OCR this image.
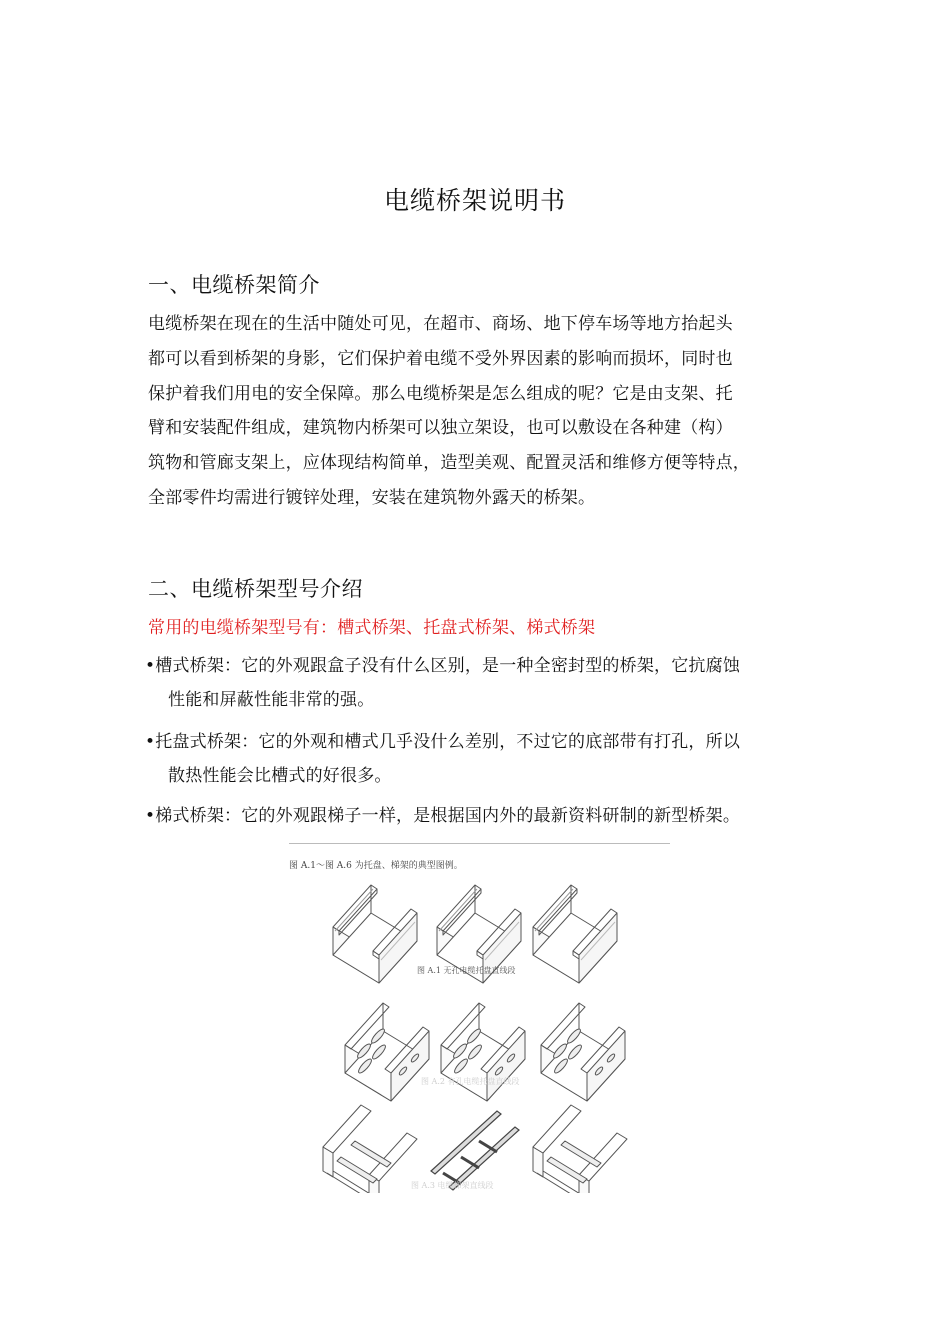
电缆桥架说明书
一、电缆桥架简介
电缆桥架在现在的生活中随处可见，在超市、商场、地下停车场等地方抬起头
都可以看到桥架的身影，它们保护着电缆不受外界因素的影响而损坏，同时也
保护着我们用电的安全保障。那么电缆桥架是怎么组成的呢？它是由支架、托
臂和安装配件组成，建筑物内桥架可以独立架设，也可以敷设在各种建（构）
筑物和管廊支架上，应体现结构简单，造型美观、配置灵活和维修方便等特点，
全部零件均需进行镀锌处理，安装在建筑物外露天的桥架。
二、电缆桥架型号介绍
常用的电缆桥架型号有：槽式桥架、托盘式桥架、梯式桥架
•槽式桥架：它的外观跟盒子没有什么区别，是一种全密封型的桥架，它抗腐蚀
性能和屏蔽性能非常的强。
•托盘式桥架：它的外观和槽式几乎没什么差别，不过它的底部带有打孔，所以
散热性能会比槽式的好很多。
•梯式桥架：它的外观跟梯子一样，是根据国内外的最新资料研制的新型桥架。
图 A.1～图 A.6 为托盘、梯架的典型图例。
图 A.1 无孔电缆托盘直线段
图 A.2 有孔电缆托盘直线段
图 A.3 电缆梯架直线段
